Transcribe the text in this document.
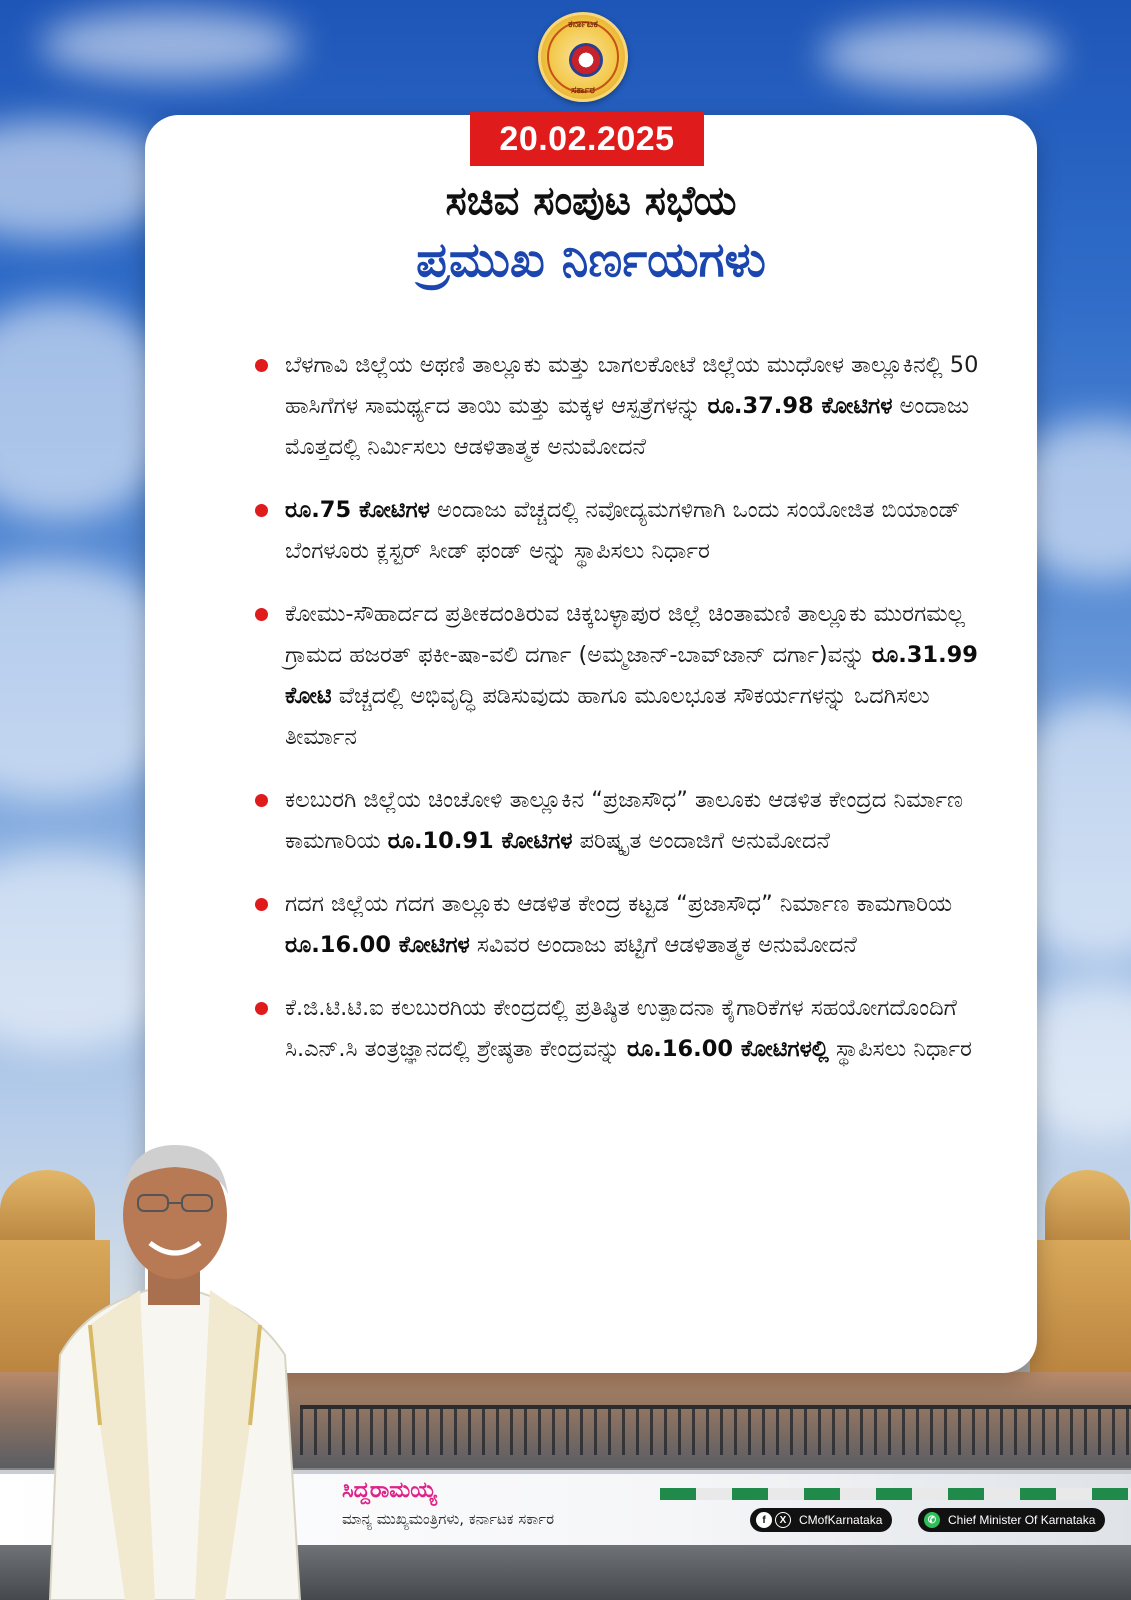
ಕರ್ನಾಟಕ
ಸರ್ಕಾರ
20.02.2025
ಸಚಿವ ಸಂಪುಟ ಸಭೆಯ
ಪ್ರಮುಖ ನಿರ್ಣಯಗಳು
ಬೆಳಗಾವಿ ಜಿಲ್ಲೆಯ ಅಥಣಿ ತಾಲ್ಲೂಕು ಮತ್ತು ಬಾಗಲಕೋಟೆ ಜಿಲ್ಲೆಯ ಮುಧೋಳ ತಾಲ್ಲೂಕಿನಲ್ಲಿ 50 ಹಾಸಿಗೆಗಳ ಸಾಮರ್ಥ್ಯದ ತಾಯಿ ಮತ್ತು ಮಕ್ಕಳ ಆಸ್ಪತ್ರೆಗಳನ್ನು ರೂ.37.98 ಕೋಟಿಗಳ ಅಂದಾಜು ಮೊತ್ತದಲ್ಲಿ ನಿರ್ಮಿಸಲು ಆಡಳಿತಾತ್ಮಕ ಅನುಮೋದನೆ
ರೂ.75 ಕೋಟಿಗಳ ಅಂದಾಜು ವೆಚ್ಚದಲ್ಲಿ ನವೋದ್ಯಮಗಳಿಗಾಗಿ ಒಂದು ಸಂಯೋಜಿತ ಬಿಯಾಂಡ್ ಬೆಂಗಳೂರು ಕ್ಲಸ್ಟರ್ ಸೀಡ್ ಫಂಡ್ ಅನ್ನು ಸ್ಥಾಪಿಸಲು ನಿರ್ಧಾರ
ಕೋಮು-ಸೌಹಾರ್ದದ ಪ್ರತೀಕದಂತಿರುವ ಚಿಕ್ಕಬಳ್ಳಾಪುರ ಜಿಲ್ಲೆ ಚಿಂತಾಮಣಿ ತಾಲ್ಲೂಕು ಮುರಗಮಲ್ಲ ಗ್ರಾಮದ ಹಜರತ್ ಫಕೀ-ಷಾ-ವಲಿ ದರ್ಗಾ (ಅಮ್ಮಜಾನ್-ಬಾವ್‌ಜಾನ್ ದರ್ಗಾ)ವನ್ನು ರೂ.31.99 ಕೋಟಿ ವೆಚ್ಚದಲ್ಲಿ ಅಭಿವೃದ್ಧಿ ಪಡಿಸುವುದು ಹಾಗೂ ಮೂಲಭೂತ ಸೌಕರ್ಯಗಳನ್ನು ಒದಗಿಸಲು ತೀರ್ಮಾನ
ಕಲಬುರಗಿ ಜಿಲ್ಲೆಯ ಚಿಂಚೋಳಿ ತಾಲ್ಲೂಕಿನ “ಪ್ರಜಾಸೌಧ” ತಾಲೂಕು ಆಡಳಿತ ಕೇಂದ್ರದ ನಿರ್ಮಾಣ ಕಾಮಗಾರಿಯ ರೂ.10.91 ಕೋಟಿಗಳ ಪರಿಷ್ಕೃತ ಅಂದಾಜಿಗೆ ಅನುಮೋದನೆ
ಗದಗ ಜಿಲ್ಲೆಯ ಗದಗ ತಾಲ್ಲೂಕು ಆಡಳಿತ ಕೇಂದ್ರ ಕಟ್ಟಡ “ಪ್ರಜಾಸೌಧ” ನಿರ್ಮಾಣ ಕಾಮಗಾರಿಯ ರೂ.16.00 ಕೋಟಿಗಳ ಸವಿವರ ಅಂದಾಜು ಪಟ್ಟಿಗೆ ಆಡಳಿತಾತ್ಮಕ ಅನುಮೋದನೆ
ಕೆ.ಜಿ.ಟಿ.ಟಿ.ಐ ಕಲಬುರಗಿಯ ಕೇಂದ್ರದಲ್ಲಿ ಪ್ರತಿಷ್ಠಿತ ಉತ್ಪಾದನಾ ಕೈಗಾರಿಕೆಗಳ ಸಹಯೋಗದೊಂದಿಗೆ ಸಿ.ಎನ್.ಸಿ ತಂತ್ರಜ್ಞಾನದಲ್ಲಿ ಶ್ರೇಷ್ಠತಾ ಕೇಂದ್ರವನ್ನು ರೂ.16.00 ಕೋಟಿಗಳಲ್ಲಿ ಸ್ಥಾಪಿಸಲು ನಿರ್ಧಾರ
ಸಿದ್ದರಾಮಯ್ಯ
ಮಾನ್ಯ ಮುಖ್ಯಮಂತ್ರಿಗಳು, ಕರ್ನಾಟಕ ಸರ್ಕಾರ	f	X	CMofKarnataka	✆ Chief Minister Of Karnataka
